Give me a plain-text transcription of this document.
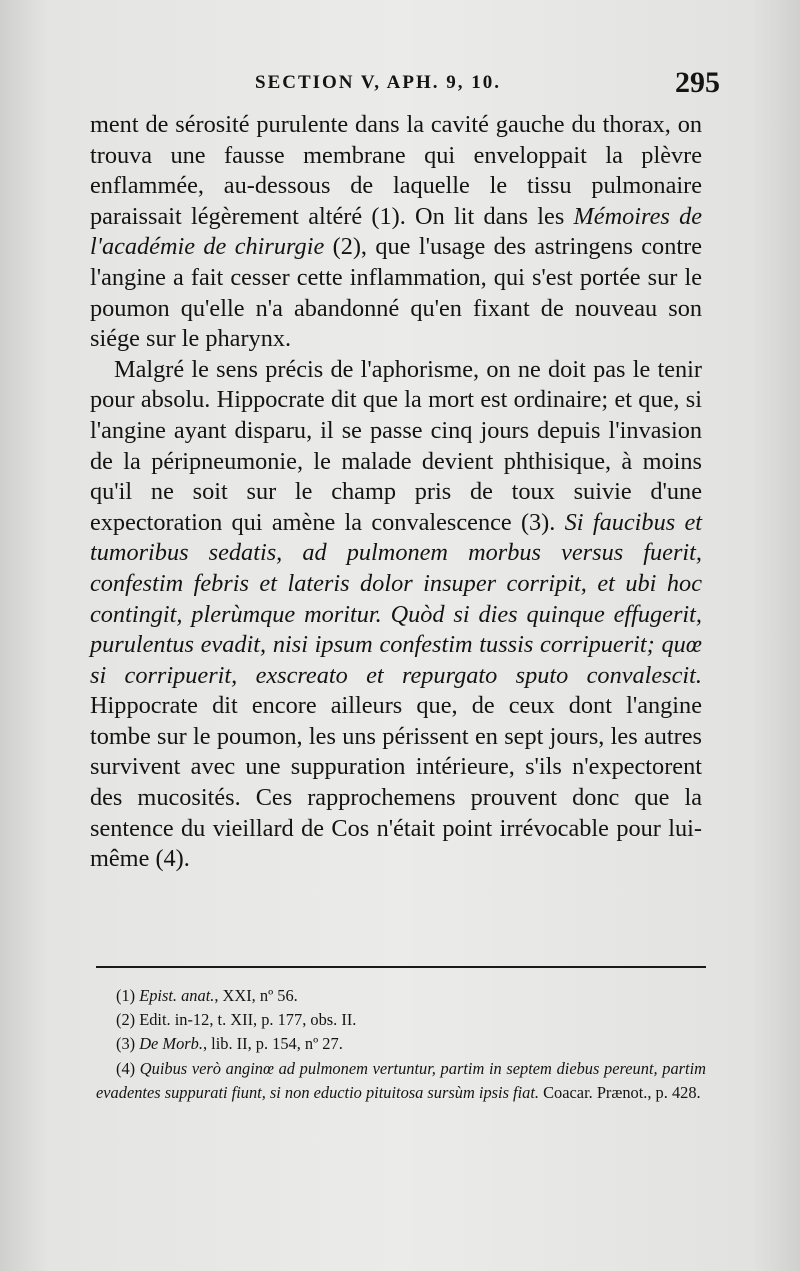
SECTION V, APH. 9, 10.	295

ment de sérosité purulente dans la cavité gauche du thorax, on trouva une fausse membrane qui enveloppait la plèvre enflammée, au-dessous de laquelle le tissu pulmonaire paraissait légèrement altéré (1). On lit dans les Mémoires de l'académie de chirurgie (2), que l'usage des astringens contre l'angine a fait cesser cette inflammation, qui s'est portée sur le poumon qu'elle n'a abandonné qu'en fixant de nouveau son siége sur le pharynx.

Malgré le sens précis de l'aphorisme, on ne doit pas le tenir pour absolu. Hippocrate dit que la mort est ordinaire; et que, si l'angine ayant disparu, il se passe cinq jours depuis l'invasion de la péripneumonie, le malade devient phthisique, à moins qu'il ne soit sur le champ pris de toux suivie d'une expectoration qui amène la convalescence (3). Si faucibus et tumoribus sedatis, ad pulmonem morbus versus fuerit, confestim febris et lateris dolor insuper corripit, et ubi hoc contingit, plerùmque moritur. Quòd si dies quinque effugerit, purulentus evadit, nisi ipsum confestim tussis corripuerit; quœ si corripuerit, exscreato et repurgato sputo convalescit. Hippocrate dit encore ailleurs que, de ceux dont l'angine tombe sur le poumon, les uns périssent en sept jours, les autres survivent avec une suppuration intérieure, s'ils n'expectorent des mucosités. Ces rapprochemens prouvent donc que la sentence du vieillard de Cos n'était point irrévocable pour lui-même (4).

(1) Epist. anat., XXI, nº 56.

(2) Edit. in-12, t. XII, p. 177, obs. II.

(3) De Morb., lib. II, p. 154, nº 27.

(4) Quibus verò anginœ ad pulmonem vertuntur, partim in septem diebus pereunt, partim evadentes suppurati fiunt, si non eductio pituitosa sursùm ipsis fiat. Coacar. Prænot., p. 428.
